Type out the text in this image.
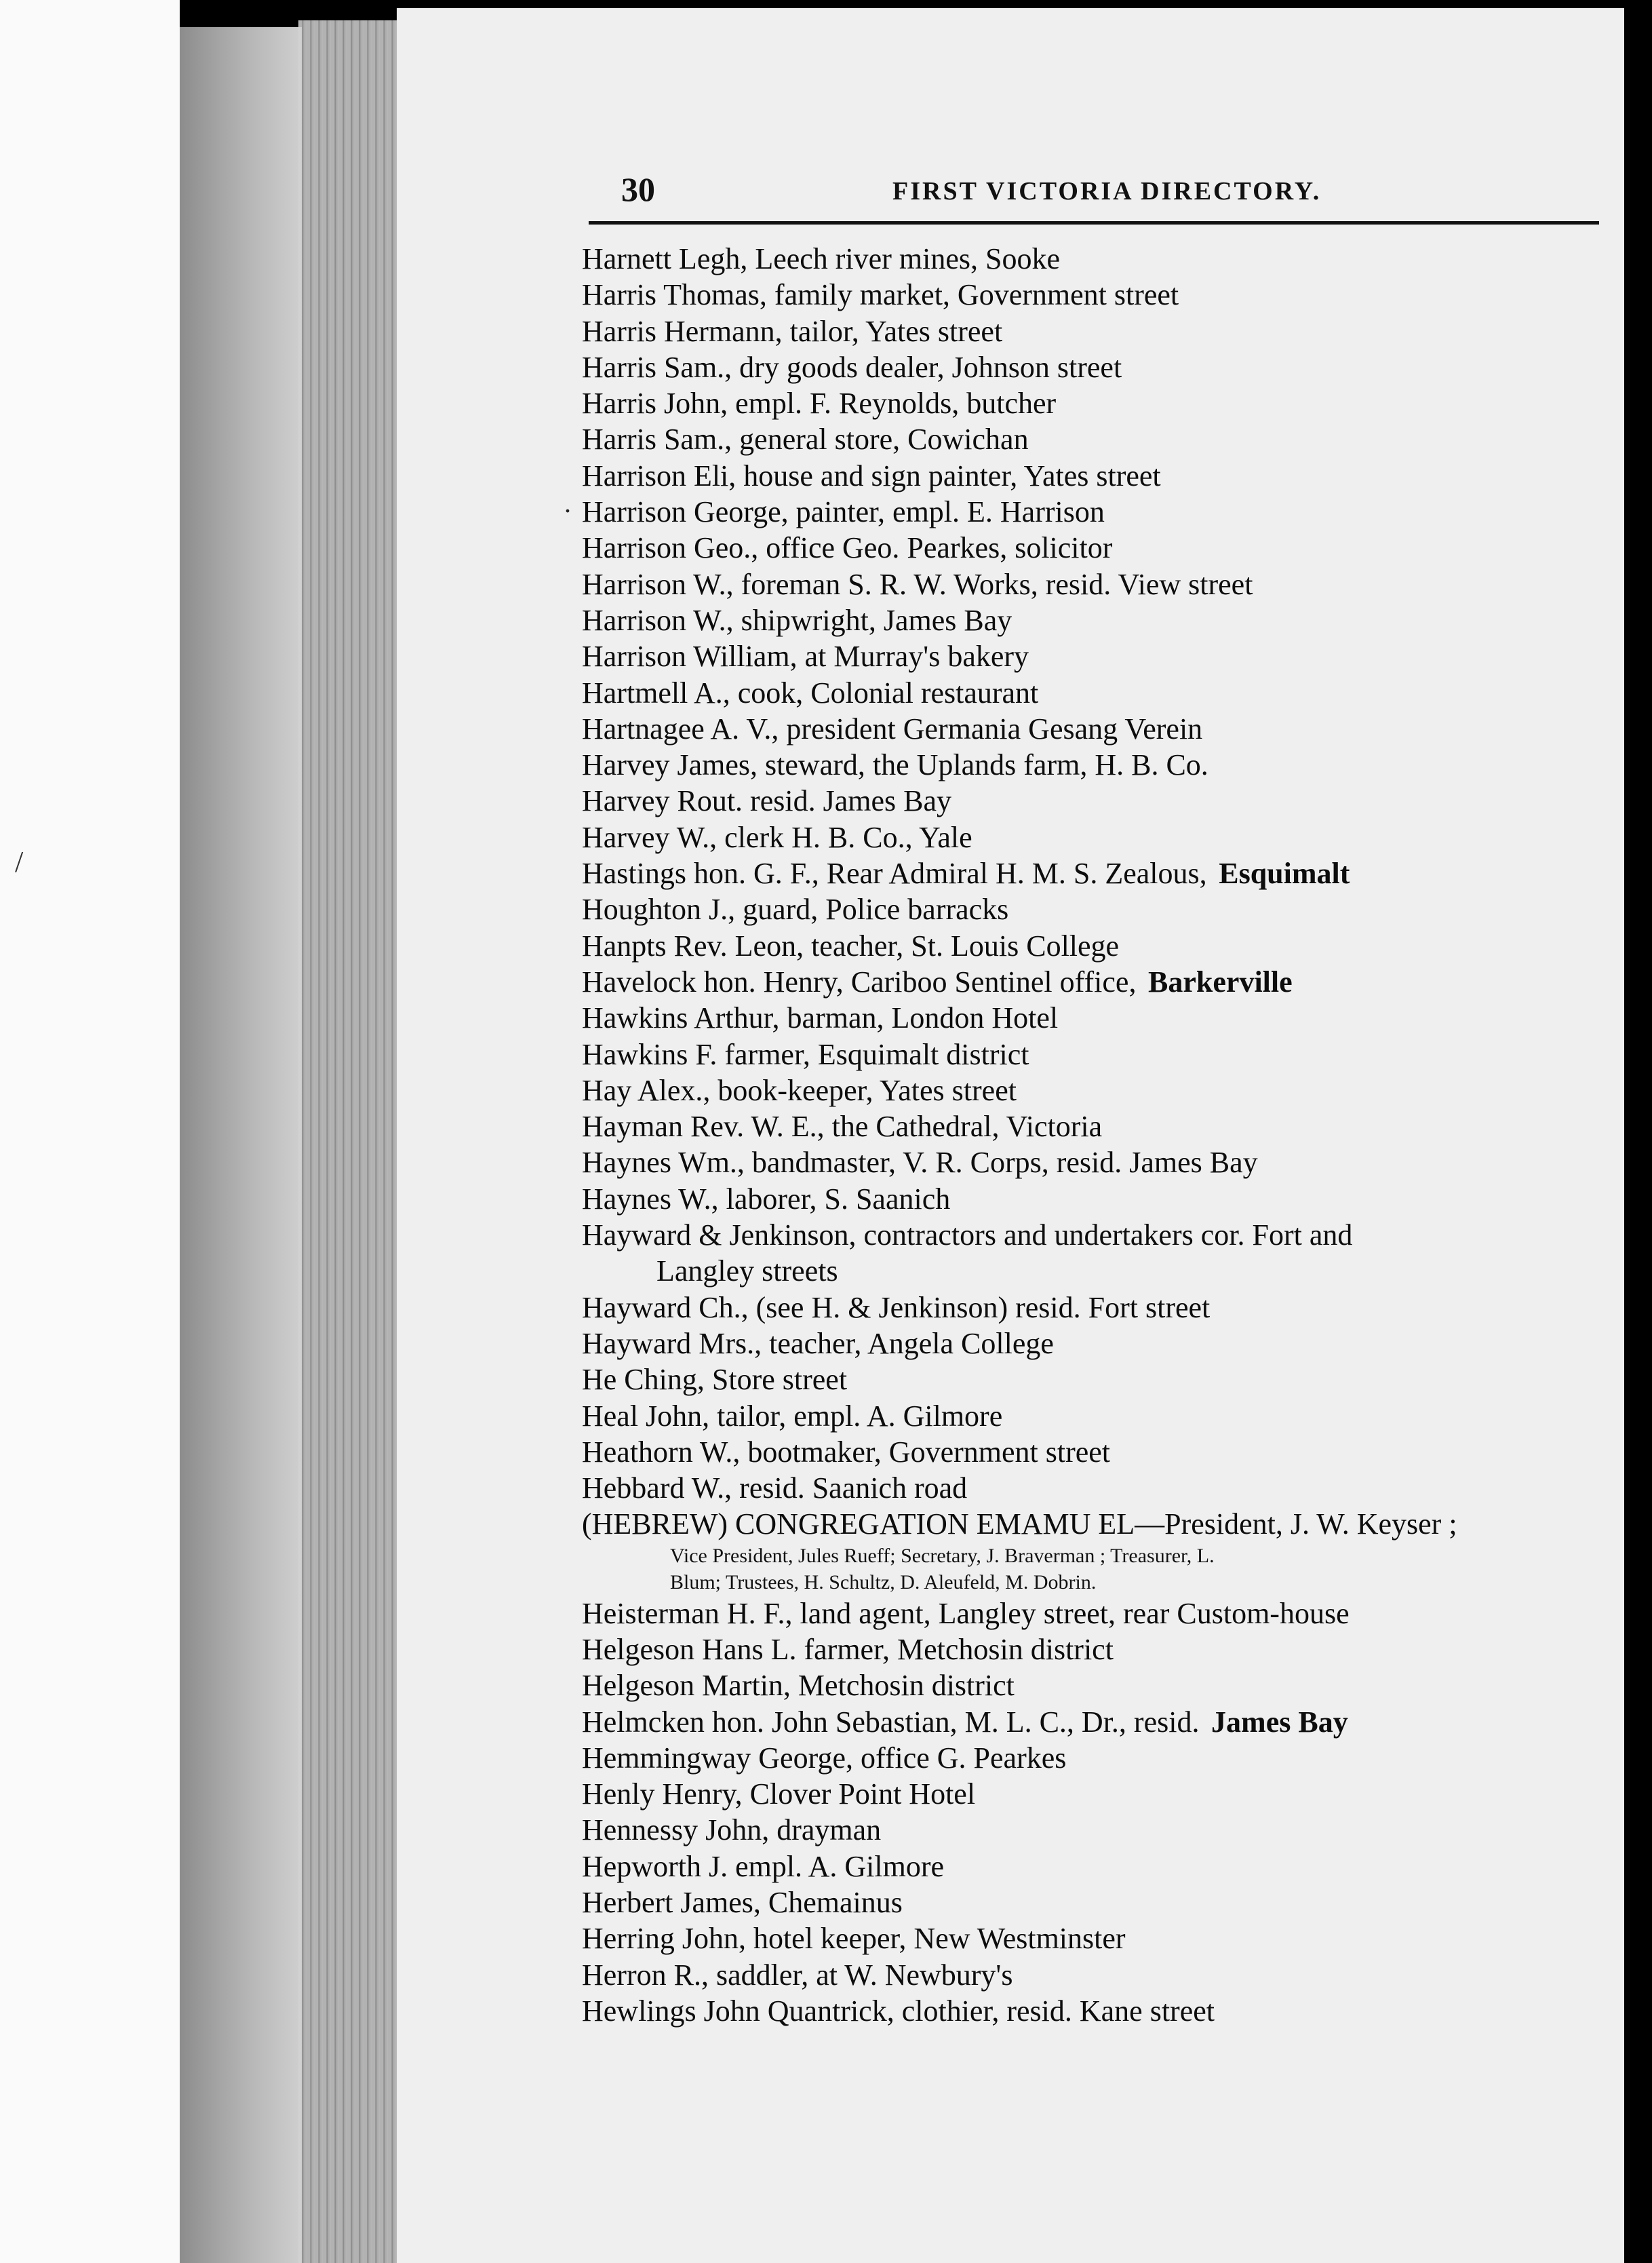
/
30	FIRST VICTORIA DIRECTORY.
.
Harnett Legh, Leech river mines, Sooke
Harris Thomas, family market, Government street
Harris Hermann, tailor, Yates street
Harris Sam., dry goods dealer, Johnson street
Harris John, empl. F. Reynolds, butcher
Harris Sam., general store, Cowichan
Harrison Eli, house and sign painter, Yates street
Harrison George, painter, empl. E. Harrison
Harrison Geo., office Geo. Pearkes, solicitor
Harrison W., foreman S. R. W. Works, resid. View street
Harrison W., shipwright, James Bay
Harrison William, at Murray's bakery
Hartmell A., cook, Colonial restaurant
Hartnagee A. V., president Germania Gesang Verein
Harvey James, steward, the Uplands farm, H. B. Co.
Harvey Rout. resid. James Bay
Harvey W., clerk H. B. Co., Yale
Hastings hon. G. F., Rear Admiral H. M. S. Zealous, Esquimalt
Houghton J., guard, Police barracks
Hanpts Rev. Leon, teacher, St. Louis College
Havelock hon. Henry, Cariboo Sentinel office, Barkerville
Hawkins Arthur, barman, London Hotel
Hawkins F. farmer, Esquimalt district
Hay Alex., book-keeper, Yates street
Hayman Rev. W. E., the Cathedral, Victoria
Haynes Wm., bandmaster, V. R. Corps, resid. James Bay
Haynes W., laborer, S. Saanich
Hayward & Jenkinson, contractors and undertakers cor. Fort and
Langley streets
Hayward Ch., (see H. & Jenkinson) resid. Fort street
Hayward Mrs., teacher, Angela College
He Ching, Store street
Heal John, tailor, empl. A. Gilmore
Heathorn W., bootmaker, Government street
Hebbard W., resid. Saanich road
(HEBREW) CONGREGATION EMAMU EL—President, J. W. Keyser ;
Vice President, Jules Rueff; Secretary, J. Braverman ; Treasurer, L.
Blum; Trustees, H. Schultz, D. Aleufeld, M. Dobrin.
Heisterman H. F., land agent, Langley street, rear Custom-house
Helgeson Hans L. farmer, Metchosin district
Helgeson Martin, Metchosin district
Helmcken hon. John Sebastian, M. L. C., Dr., resid. James Bay
Hemmingway George, office G. Pearkes
Henly Henry, Clover Point Hotel
Hennessy John, drayman
Hepworth J. empl. A. Gilmore
Herbert James, Chemainus
Herring John, hotel keeper, New Westminster
Herron R., saddler, at W. Newbury's
Hewlings John Quantrick, clothier, resid. Kane street
